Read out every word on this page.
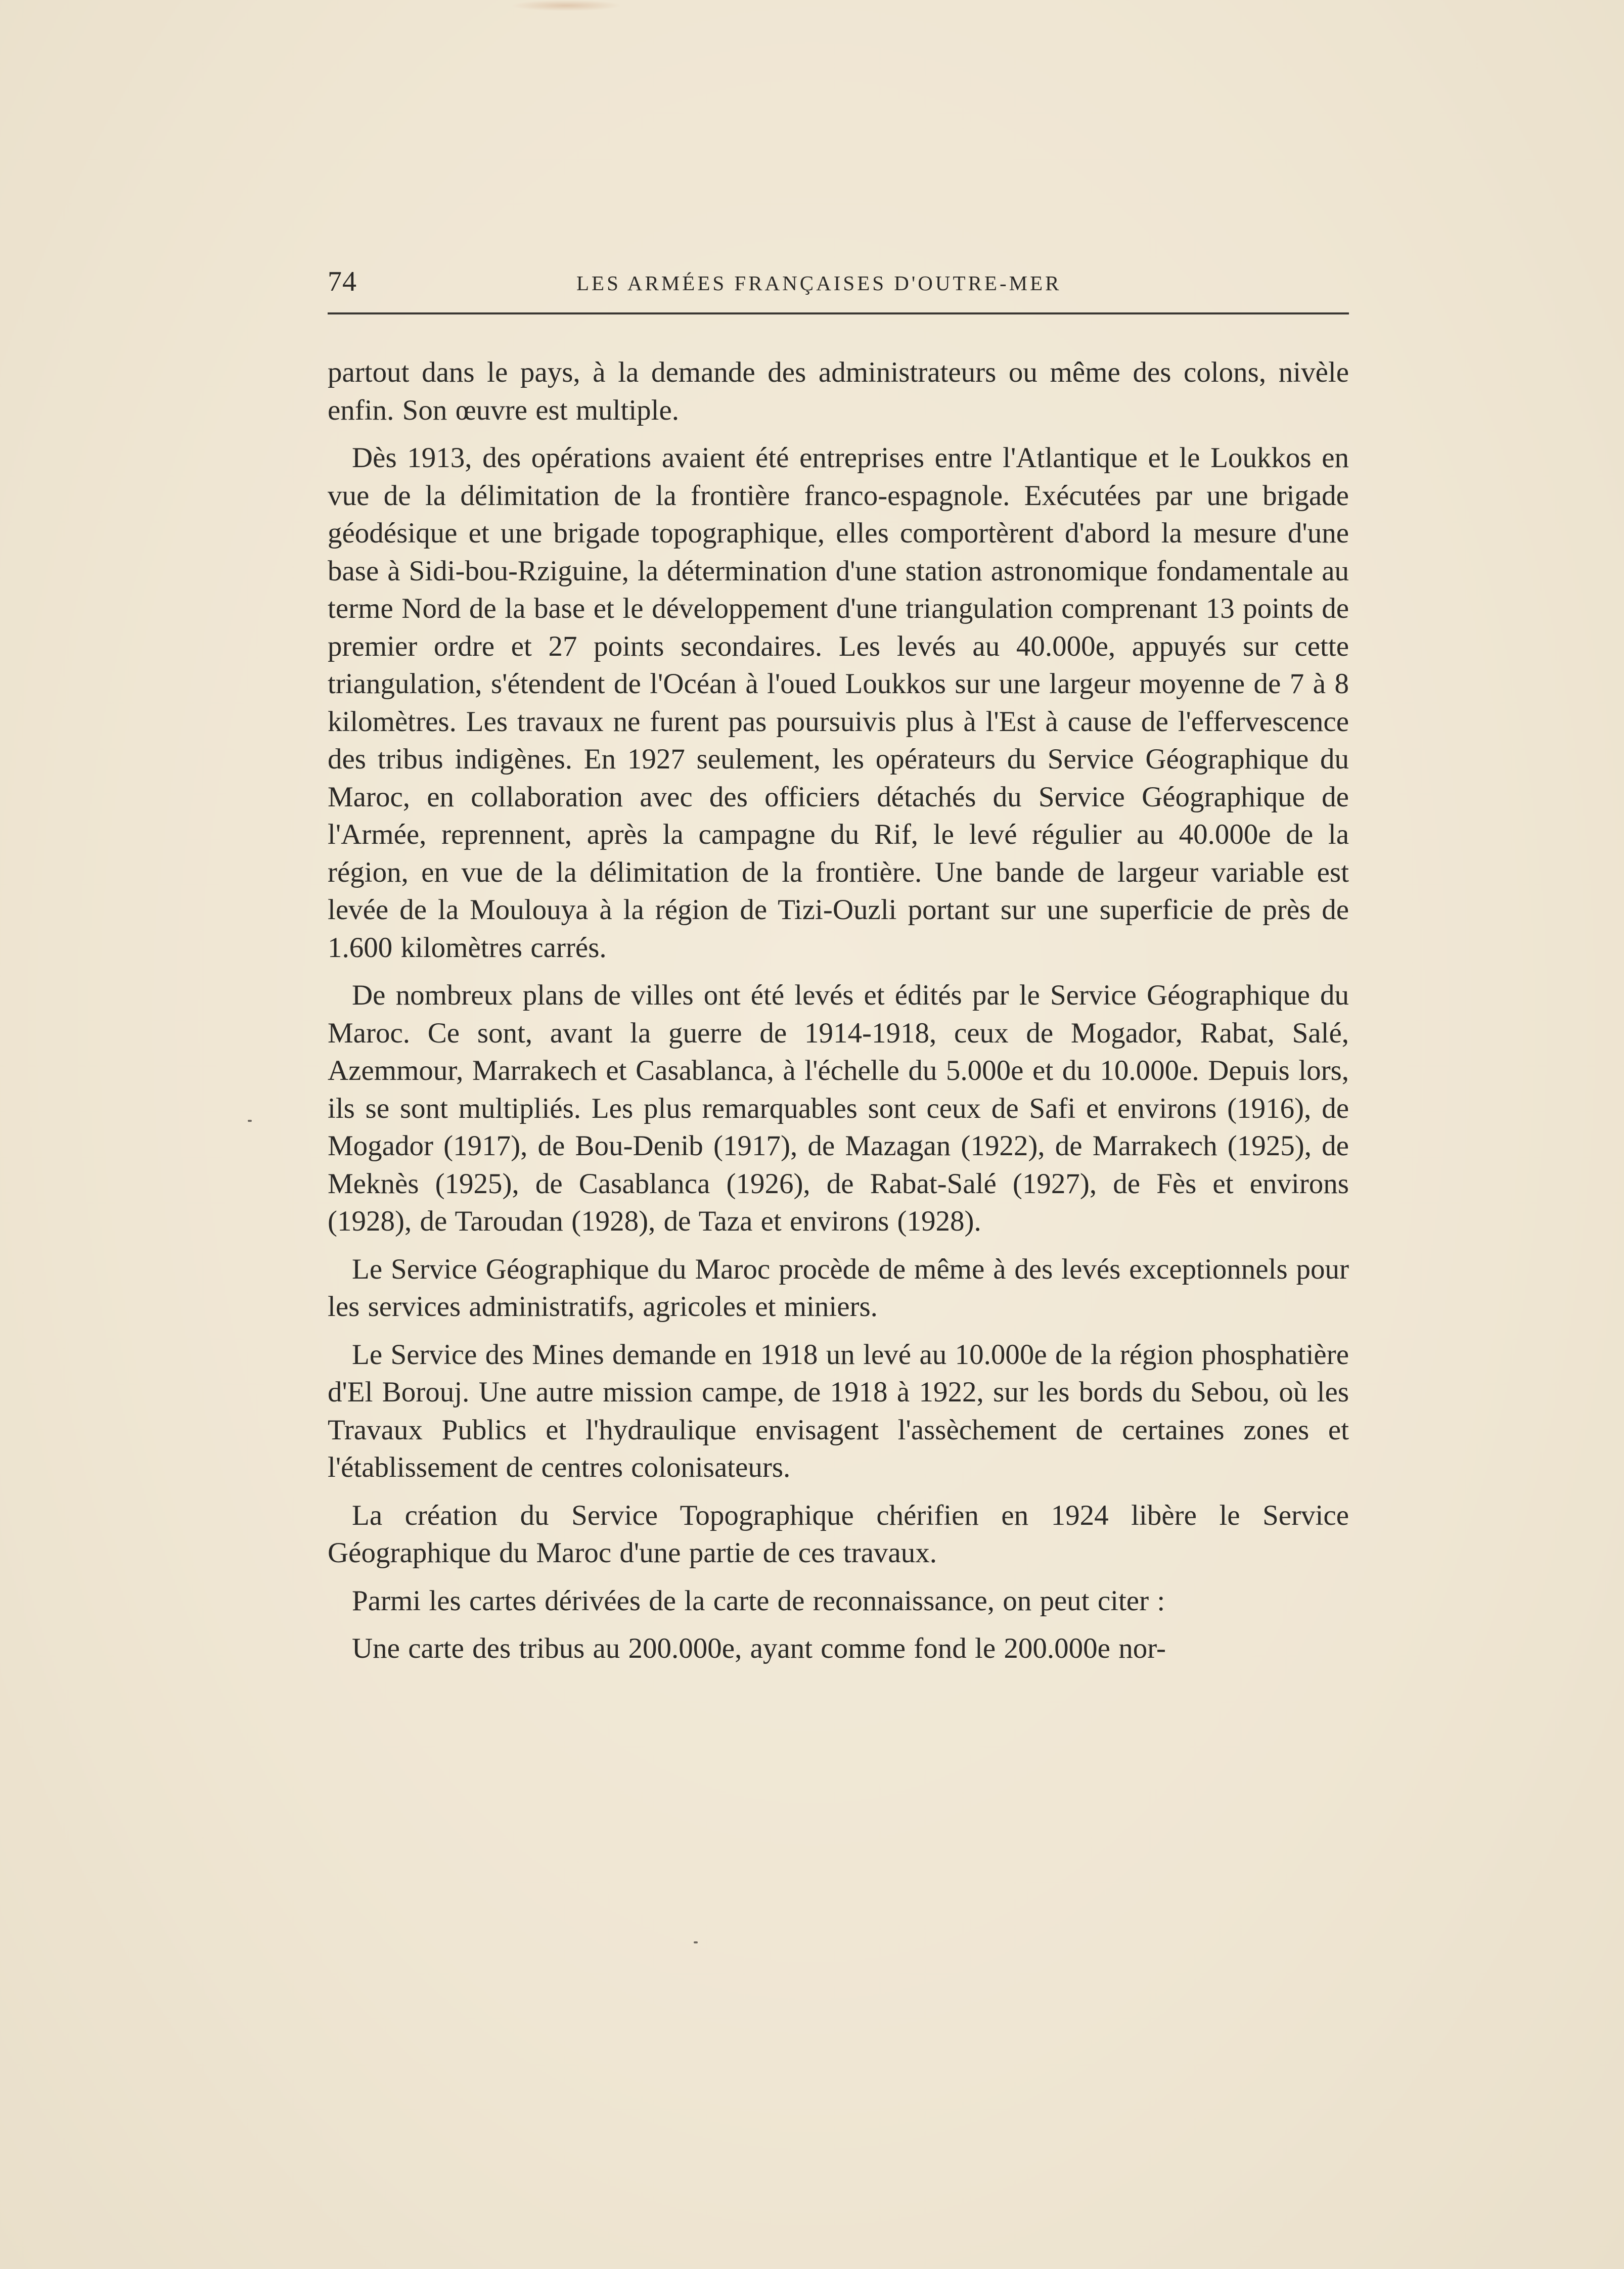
74	LES ARMÉES FRANÇAISES D'OUTRE-MER

partout dans le pays, à la demande des administrateurs ou même des colons, nivèle enfin. Son œuvre est multiple.

Dès 1913, des opérations avaient été entreprises entre l'Atlantique et le Loukkos en vue de la délimitation de la frontière franco-espagnole. Exécutées par une brigade géodésique et une brigade topographique, elles comportèrent d'abord la mesure d'une base à Sidi-bou-Rziguine, la détermination d'une station astronomique fondamentale au terme Nord de la base et le développement d'une triangulation comprenant 13 points de premier ordre et 27 points secondaires. Les levés au 40.000e, appuyés sur cette triangulation, s'étendent de l'Océan à l'oued Loukkos sur une largeur moyenne de 7 à 8 kilomètres. Les travaux ne furent pas poursuivis plus à l'Est à cause de l'effervescence des tribus indigènes. En 1927 seulement, les opérateurs du Service Géographique du Maroc, en collaboration avec des officiers détachés du Service Géographique de l'Armée, reprennent, après la campagne du Rif, le levé régulier au 40.000e de la région, en vue de la délimitation de la frontière. Une bande de largeur variable est levée de la Moulouya à la région de Tizi-Ouzli portant sur une superficie de près de 1.600 kilomètres carrés.

De nombreux plans de villes ont été levés et édités par le Service Géographique du Maroc. Ce sont, avant la guerre de 1914-1918, ceux de Mogador, Rabat, Salé, Azemmour, Marrakech et Casablanca, à l'échelle du 5.000e et du 10.000e. Depuis lors, ils se sont multipliés. Les plus remarquables sont ceux de Safi et environs (1916), de Mogador (1917), de Bou-Denib (1917), de Mazagan (1922), de Marrakech (1925), de Meknès (1925), de Casablanca (1926), de Rabat-Salé (1927), de Fès et environs (1928), de Taroudan (1928), de Taza et environs (1928).

Le Service Géographique du Maroc procède de même à des levés exceptionnels pour les services administratifs, agricoles et miniers.

Le Service des Mines demande en 1918 un levé au 10.000e de la région phosphatière d'El Borouj. Une autre mission campe, de 1918 à 1922, sur les bords du Sebou, où les Travaux Publics et l'hydraulique envisagent l'assèchement de certaines zones et l'établissement de centres colonisateurs.

La création du Service Topographique chérifien en 1924 libère le Service Géographique du Maroc d'une partie de ces travaux.

Parmi les cartes dérivées de la carte de reconnaissance, on peut citer :

Une carte des tribus au 200.000e, ayant comme fond le 200.000e nor-
